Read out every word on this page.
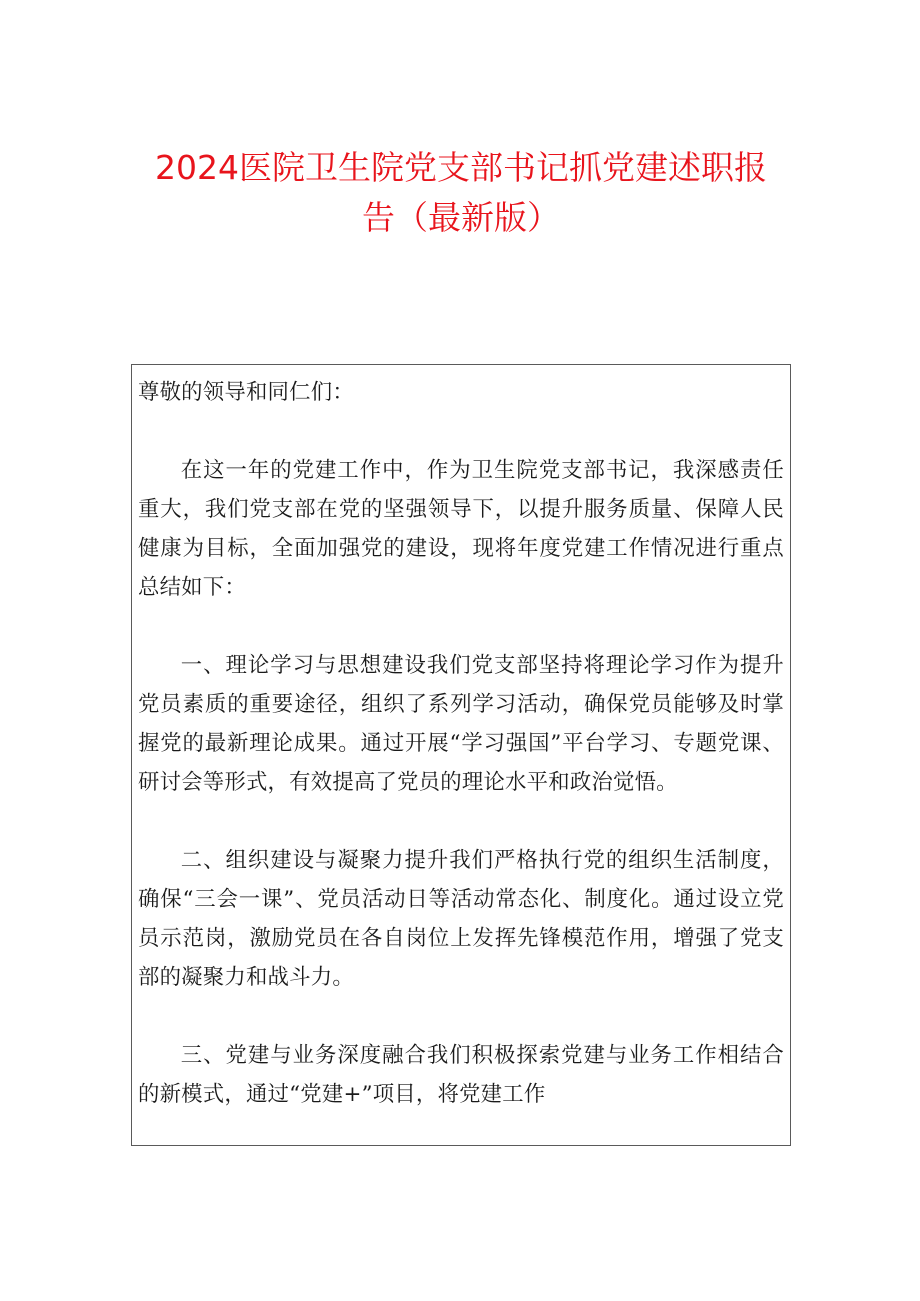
2024医院卫生院党支部书记抓党建述职报
告（最新版）

尊敬的领导和同仁们：

在这一年的党建工作中，作为卫生院党支部书记，我深感责任重大，我们党支部在党的坚强领导下，以提升服务质量、保障人民健康为目标，全面加强党的建设，现将年度党建工作情况进行重点总结如下：

一、理论学习与思想建设我们党支部坚持将理论学习作为提升党员素质的重要途径，组织了系列学习活动，确保党员能够及时掌握党的最新理论成果。通过开展“学习强国”平台学习、专题党课、研讨会等形式，有效提高了党员的理论水平和政治觉悟。

二、组织建设与凝聚力提升我们严格执行党的组织生活制度，确保“三会一课”、党员活动日等活动常态化、制度化。通过设立党员示范岗，激励党员在各自岗位上发挥先锋模范作用，增强了党支部的凝聚力和战斗力。

三、党建与业务深度融合我们积极探索党建与业务工作相结合的新模式，通过“党建+”项目，将党建工作
